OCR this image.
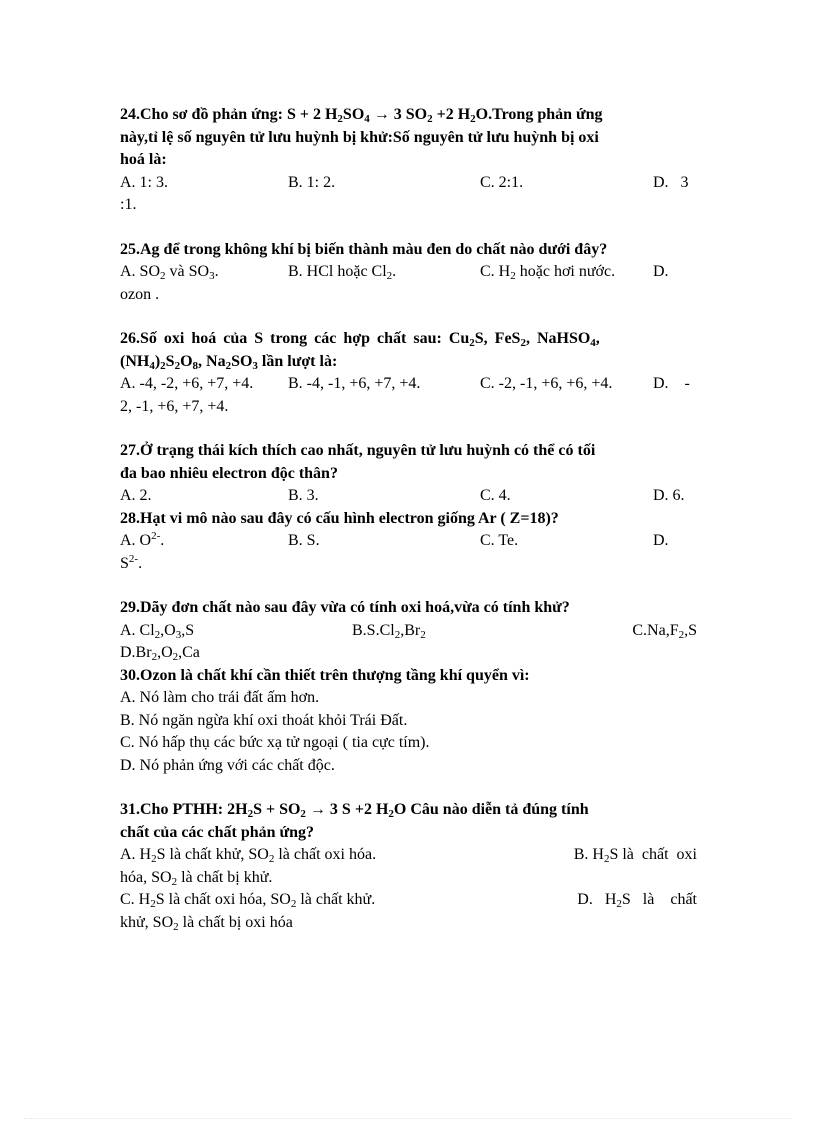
24.Cho sơ đồ phản ứng: S + 2 $H_2SO_4 \to 3$ $SO_2 +2$ $H_2O.Trong$ phản ứng
này,tỉ lệ số nguyên tử lưu huỳnh bị khử:Số nguyên tử lưu huỳnh bị oxi
hoá là:
A. 1: 3.	B. 1: 2.	C. 2:1.	D.   3
:1.
25.Ag để trong không khí bị biến thành màu đen do chất nào dưới đây?
A. $SO_2$ và $SO_3$.	B. HCl hoặc $Cl_2$.	C. $H_2$ hoặc hơi nước. D.
ozon .
26.Số oxi hoá của S trong các hợp chất sau: $Cu_2S$, FeS$_2$, NaHSO$_4$,
$(NH_4)_2S_2O_8$, $Na_2SO_3$ lần lượt là:
A. -4, -2, +6, +7, +4. B. -4, -1, +6, +7, +4.	C. -2, -1, +6, +6, +4.	D.    -
2, -1, +6, +7, +4.
27.Ở trạng thái kích thích cao nhất, nguyên tử lưu huỳnh có thể có tối
đa bao nhiêu electron độc thân?
A. 2.	B. 3.	C. 4.	D. 6.
28.Hạt vi mô nào sau đây có cấu hình electron giống Ar ( Z=18)?
A. $O^{2-}$.	B. S.	C. Te.	D.
$S^{2-}$.
29.Dãy đơn chất nào sau đây vừa có tính oxi hoá,vừa có tính khử?
A. $Cl_2,O_3,S$	$B.S.Cl_2,Br_2$	$C.Na,F_2,S$
$D.Br_2,O_2,Ca$
30.Ozon là chất khí cần thiết trên thượng tầng khí quyển vì:
A. Nó làm cho trái đất ấm hơn.
B. Nó ngăn ngừa khí oxi thoát khỏi Trái Đất.
C. Nó hấp thụ các bức xạ tử ngoại ( tia cực tím).
D. Nó phản ứng với các chất độc.
31.Cho PTHH: $2H_2S + SO_2 \to 3$ S +2 $H_2O$ Câu nào diễn tả đúng tính
chất của các chất phản ứng?
A. $H_2S$ là chất khử, $SO_2$ là chất oxi hóa.	B. $H_2S$ là  chất  oxi
hóa, $SO_2$ là chất bị khử.
C. $H_2S$ là chất oxi hóa, $SO_2$ là chất khử.	D.   $H_2S$   là    chất
khử, $SO_2$ là chất bị oxi hóa
